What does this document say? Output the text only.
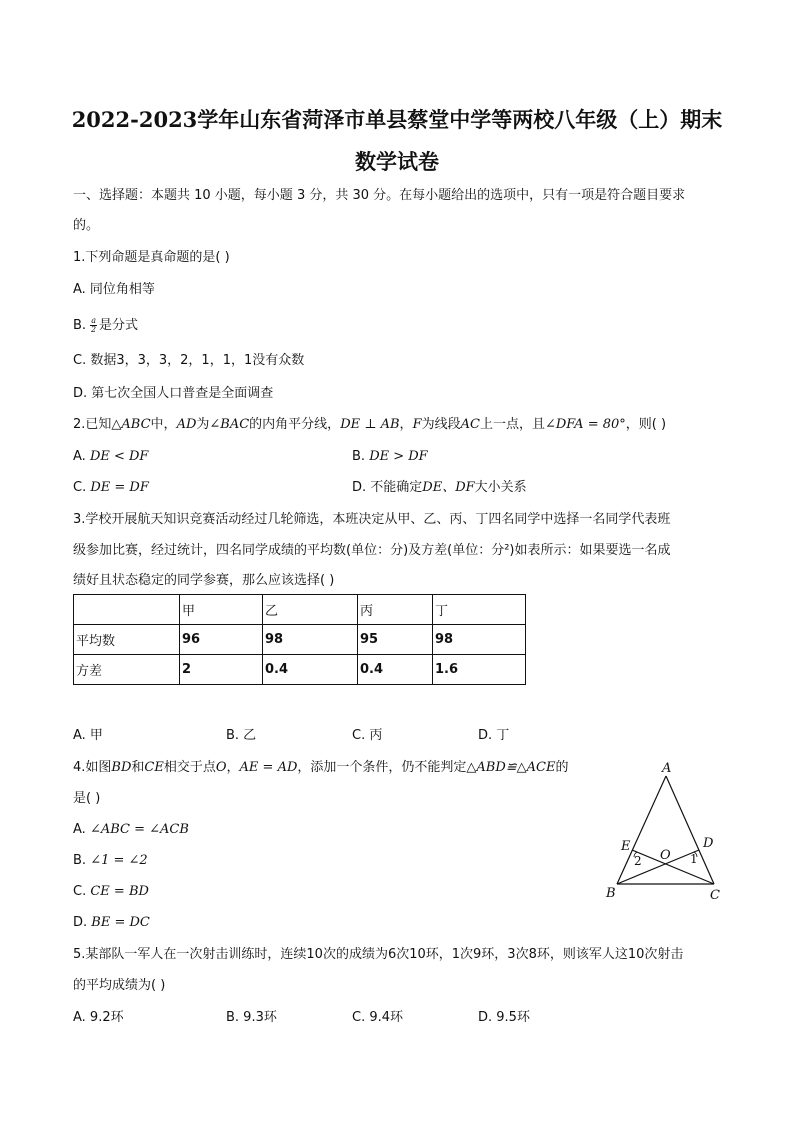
2022-2023学年山东省菏泽市单县蔡堂中学等两校八年级（上）期末
数学试卷
一、选择题：本题共 10 小题，每小题 3 分，共 30 分。在每小题给出的选项中，只有一项是符合题目要求
的。
1.下列命题是真命题的是( )
A. 同位角相等
B. $\frac{a}{2}$ 是分式
C. 数据3，3，3，2，1，1，1没有众数
D. 第七次全国人口普查是全面调查
2.已知△ABC中，AD为∠BAC的内角平分线，DE ⊥ AB，F为线段AC上一点，且∠DFA = 80°，则( )
A. DE < DF	B. DE > DF
C. DE = DF	D. 不能确定DE、DF大小关系
3.学校开展航天知识竞赛活动经过几轮筛选，本班决定从甲、乙、丙、丁四名同学中选择一名同学代表班
级参加比赛，经过统计，四名同学成绩的平均数(单位：分)及方差(单位：分²)如表所示：如果要选一名成
绩好且状态稳定的同学参赛，那么应该选择( )
	甲	乙	丙	丁
平均数	96	98	95	98
方差	2	0.4	0.4	1.6
A. 甲	B. 乙	C. 丙	D. 丁
4.如图BD和CE相交于点O，AE = AD，添加一个条件，仍不能判定△ABD≌△ACE的
是( )
A. ∠ABC = ∠ACB
B. ∠1 = ∠2
C. CE = BD
D. BE = DC
A
B	C
D
E
O 1
2
5.某部队一军人在一次射击训练时，连续10次的成绩为6次10环，1次9环，3次8环，则该军人这10次射击
的平均成绩为( )
A. 9.2环	B. 9.3环	C. 9.4环	D. 9.5环
